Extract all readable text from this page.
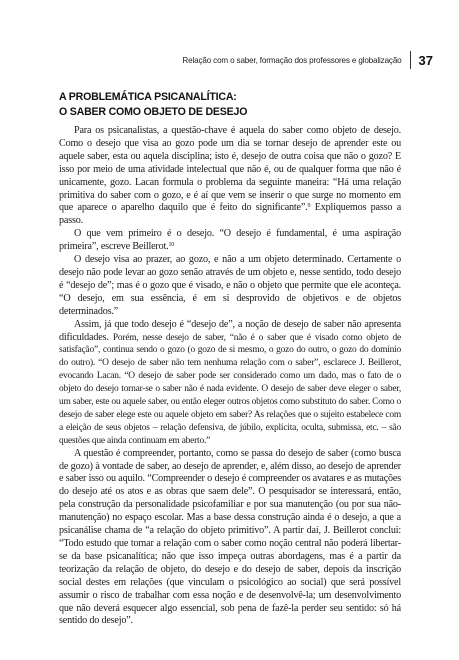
Relação com o saber, formação dos professores e globalização 37
A PROBLEMÁTICA PSICANALÍTICA:
O SABER COMO OBJETO DE DESEJO

Para os psicanalistas, a questão-chave é aquela do saber como objeto de desejo. Como o desejo que visa ao gozo pode um dia se tornar desejo de aprender este ou aquele saber, esta ou aquela disciplina; isto é, desejo de outra coisa que não o gozo? E isso por meio de uma atividade intelectual que não é, ou de qualquer forma que não é unicamente, gozo. Lacan formula o problema da seguinte maneira: “Há uma relação primitiva do saber com o gozo, e é aí que vem se inserir o que surge no momento em que aparece o aparelho daquilo que é feito do significante”.$^9$ Expliquemos passo a passo.

O que vem primeiro é o desejo. “O desejo é fundamental, é uma aspiração primeira”, escreve Beillerot.$^{10}$

O desejo visa ao prazer, ao gozo, e não a um objeto determinado. Certamente o desejo não pode levar ao gozo senão através de um objeto e, nesse sentido, todo desejo é “desejo de”; mas é o gozo que é visado, e não o objeto que permite que ele aconteça. “O desejo, em sua essência, é em si desprovido de objetivos e de objetos determinados.”

Assim, já que todo desejo é “desejo de”, a noção de desejo de saber não apresenta dificuldades. Porém, nesse desejo de saber, “não é o saber que é visado como objeto de satisfação”, continua sendo o gozo (o gozo de si mesmo, o gozo do outro, o gozo do domínio do outro). “O desejo de saber não tem nenhuma relação com o saber”, esclarece J. Beillerot, evocando Lacan. “O desejo de saber pode ser considerado como um dado, mas o fato de o objeto do desejo tornar-se o saber não é nada evidente. O desejo de saber deve eleger o saber, um saber, este ou aquele saber, ou então eleger outros objetos como substituto do saber. Como o desejo de saber elege este ou aquele objeto em saber? As relações que o sujeito estabelece com a eleição de seus objetos – relação defensiva, de júbilo, explícita, oculta, submissa, etc. – são questões que ainda continuam em aberto.”

A questão é compreender, portanto, como se passa do desejo de saber (como busca de gozo) à vontade de saber, ao desejo de aprender, e, além disso, ao desejo de aprender e saber isso ou aquilo. “Compreender o desejo é compreender os avatares e as mutações do desejo até os atos e as obras que saem dele”. O pesquisador se interessará, então, pela construção da personalidade psicofamiliar e por sua manutenção (ou por sua não-manutenção) no espaço escolar. Mas a base dessa construção ainda é o desejo, a que a psicanálise chama de “a relação do objeto primitivo”. A partir daí, J. Beillerot conclui: “Todo estudo que tomar a relação com o saber como noção central não poderá libertar-se da base psicanalítica; não que isso impeça outras abordagens, mas é a partir da teorização da relação de objeto, do desejo e do desejo de saber, depois da inscrição social destes em relações (que vinculam o psicológico ao social) que será possível assumir o risco de trabalhar com essa noção e de desenvolvê-la; um desenvolvimento que não deverá esquecer algo essencial, sob pena de fazê-la perder seu sentido: só há sentido do desejo”.
